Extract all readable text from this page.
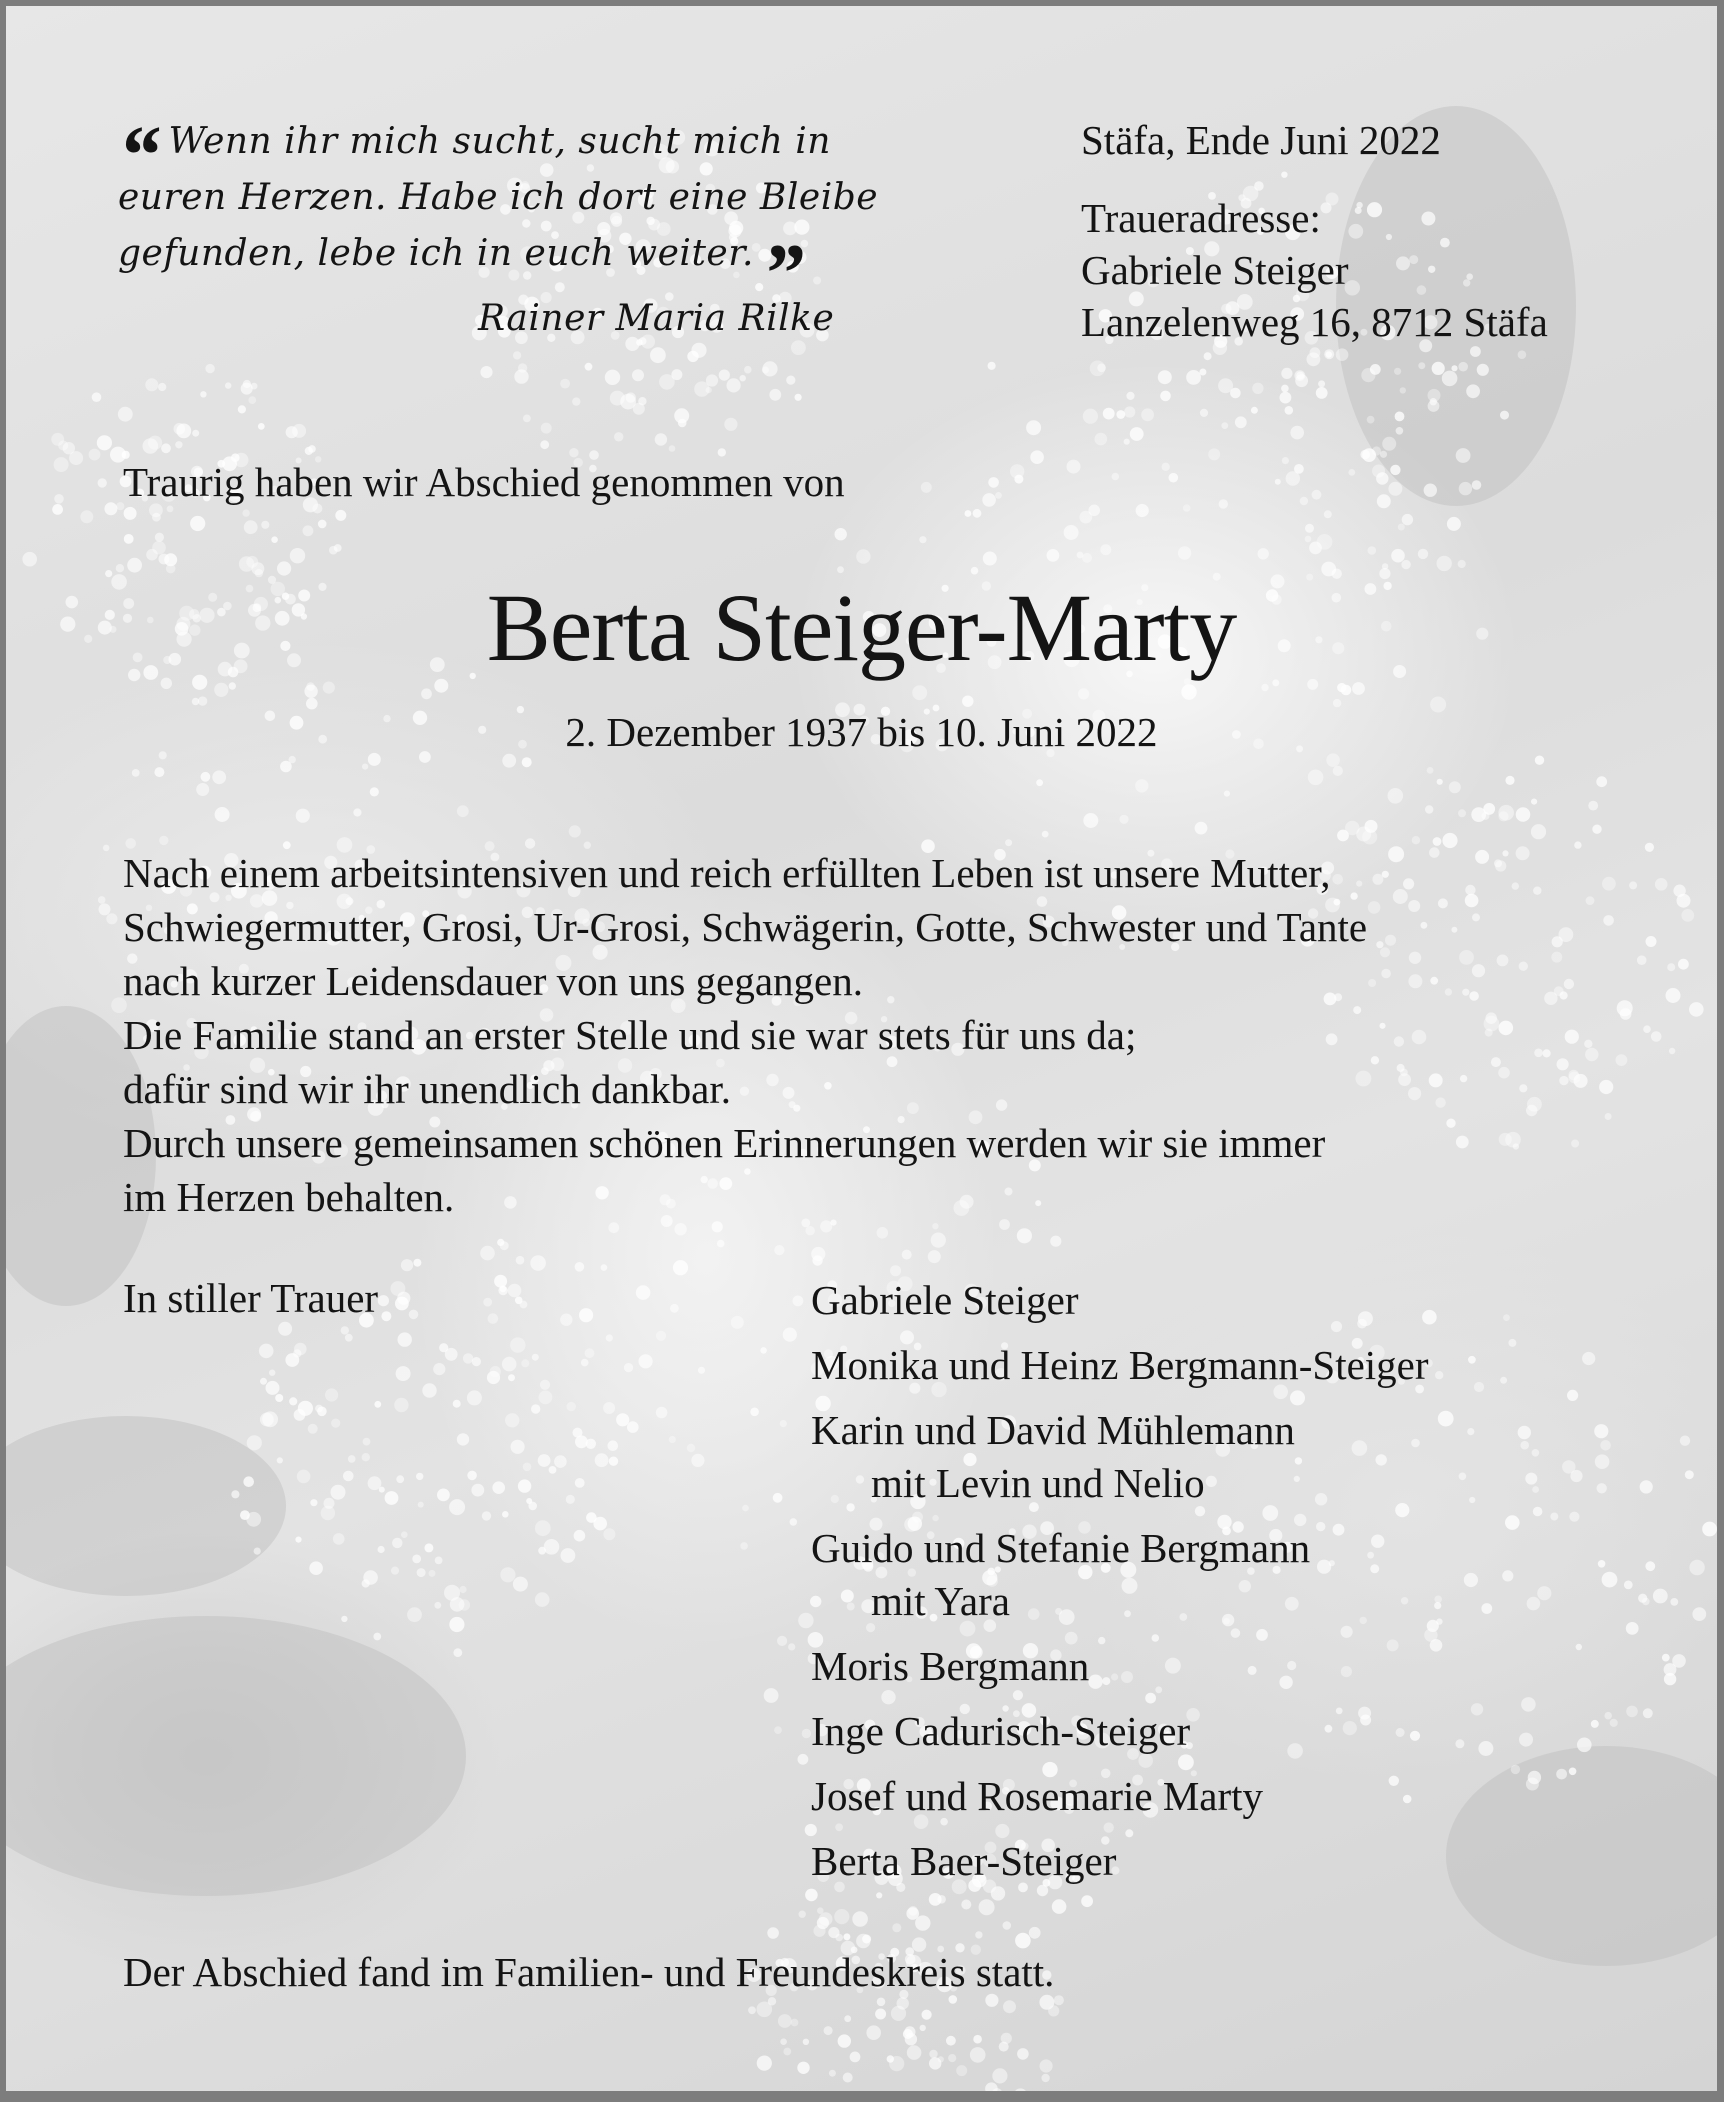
“ Wenn ihr mich sucht, sucht mich in
euren Herzen. Habe ich dort eine Bleibe
gefunden, lebe ich in euch weiter.”
Rainer Maria Rilke
Stäfa, Ende Juni 2022
Traueradresse:
Gabriele Steiger
Lanzelenweg 16, 8712 Stäfa
Traurig haben wir Abschied genommen von
Berta Steiger-Marty
2. Dezember 1937 bis 10. Juni 2022
Nach einem arbeitsintensiven und reich erfüllten Leben ist unsere Mutter,
Schwiegermutter, Grosi, Ur-Grosi, Schwägerin, Gotte, Schwester und Tante
nach kurzer Leidensdauer von uns gegangen.
Die Familie stand an erster Stelle und sie war stets für uns da;
dafür sind wir ihr unendlich dankbar.
Durch unsere gemeinsamen schönen Erinnerungen werden wir sie immer
im Herzen behalten.
In stiller Trauer	Gabriele Steiger
Monika und Heinz Bergmann-Steiger
Karin und David Mühlemann
mit Levin und Nelio
Guido und Stefanie Bergmann
mit Yara
Moris Bergmann
Inge Cadurisch-Steiger
Josef und Rosemarie Marty
Berta Baer-Steiger
Der Abschied fand im Familien- und Freundeskreis statt.
